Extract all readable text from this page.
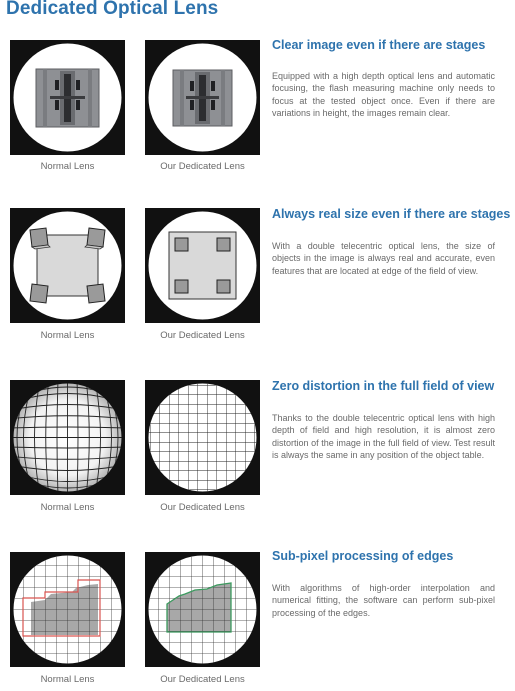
Dedicated Optical Lens
Normal Lens	Our Dedicated Lens
Clear image even if there are stages
Equipped with a high depth optical lens and automatic focusing, the flash measuring machine only needs to focus at the tested object once. Even if there are variations in height, the images remain clear.
Normal Lens	Our Dedicated Lens
Always real size even if there are stages
With a double telecentric optical lens, the size of objects in the image is always real and accurate, even features that are located at edge of the field of view.
Normal Lens	Our Dedicated Lens
Zero distortion in the full field of view
Thanks to the double telecentric optical lens with high depth of field and high resolution, it is almost zero distortion of the image in the full field of view. Test result is always the same in any position of the object table.
Normal Lens	Our Dedicated Lens
Sub-pixel processing of edges
With algorithms of high-order interpolation and numerical fitting, the software can perform sub-pixel processing of the edges.
